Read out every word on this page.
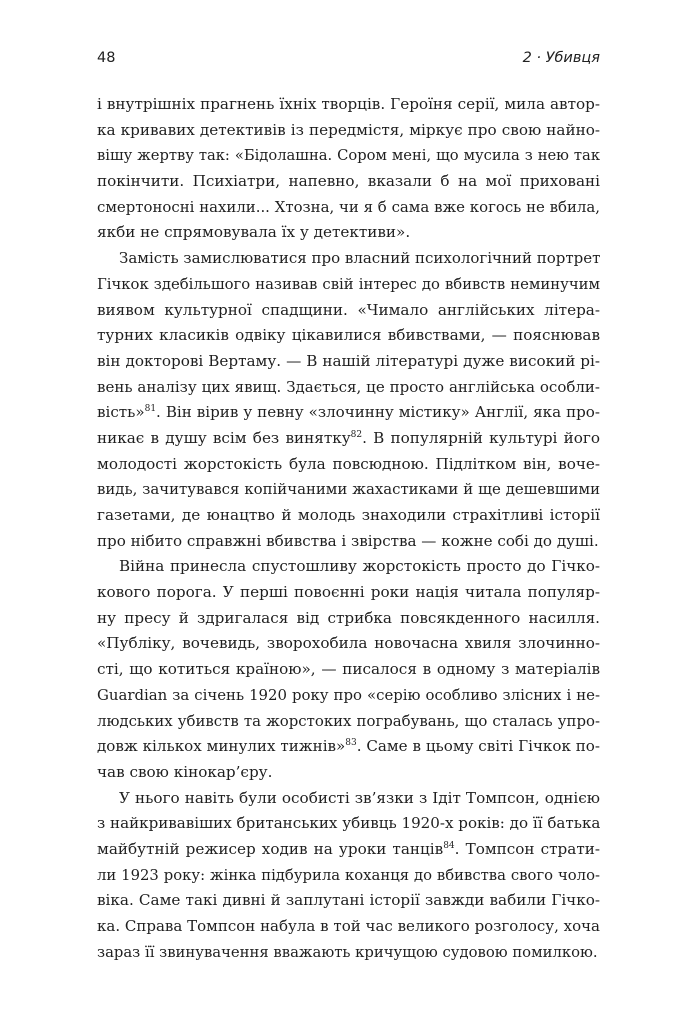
48	2 · Убивця
і внутрішніх прагнень їхніх творців. Героїня серії, мила автор-
ка кривавих детективів із передмістя, міркує про свою найно-
вішу жертву так: «Бідолашна. Сором мені, що мусила з нею так
покінчити. Психіатри, напевно, вказали б на мої приховані
смертоносні нахили... Хтозна, чи я б сама вже когось не вбила,
якби не спрямовувала їх у детективи».
Замість замислюватися про власний психологічний портрет
Гічкок здебільшого називав свій інтерес до вбивств неминучим
виявом культурної спадщини. «Чимало англійських літера-
турних класиків одвіку цікавилися вбивствами, — пояснював
він докторові Вертаму. — В нашій літературі дуже високий рі-
вень аналізу цих явищ. Здається, це просто англійська особли-
вість»$^{81}$. Він вірив у певну «злочинну містику» Англії, яка про-
никає в душу всім без винятку$^{82}$. В популярній культурі його
молодості жорстокість була повсюдною. Підлітком він, воче-
видь, зачитувався копійчаними жахастиками й ще дешевшими
газетами, де юнацтво й молодь знаходили страхітливі історії
про нібито справжні вбивства і звірства — кожне собі до душі.
Війна принесла спустошливу жорстокість просто до Гічко-
кового порога. У перші повоєнні роки нація читала популяр-
ну пресу й здригалася від стрибка повсякденного насилля.
«Публіку, вочевидь, зворохобила новочасна хвиля злочинно-
сті, що котиться країною», — писалося в одному з матеріалів
Guardian за січень 1920 року про «серію особливо злісних і не-
людських убивств та жорстоких пограбувань, що сталась упро-
довж кількох минулих тижнів»$^{83}$. Саме в цьому світі Гічкок по-
чав свою кінокар’єру.
У нього навіть були особисті зв’язки з Ідіт Томпсон, однією
з найкривавіших британських убивць 1920-х років: до її батька
майбутній режисер ходив на уроки танців$^{84}$. Томпсон страти-
ли 1923 року: жінка підбурила коханця до вбивства свого чоло-
віка. Саме такі дивні й заплутані історії завжди вабили Гічко-
ка. Справа Томпсон набула в той час великого розголосу, хоча
зараз її звинувачення вважають кричущою судовою помилкою.
